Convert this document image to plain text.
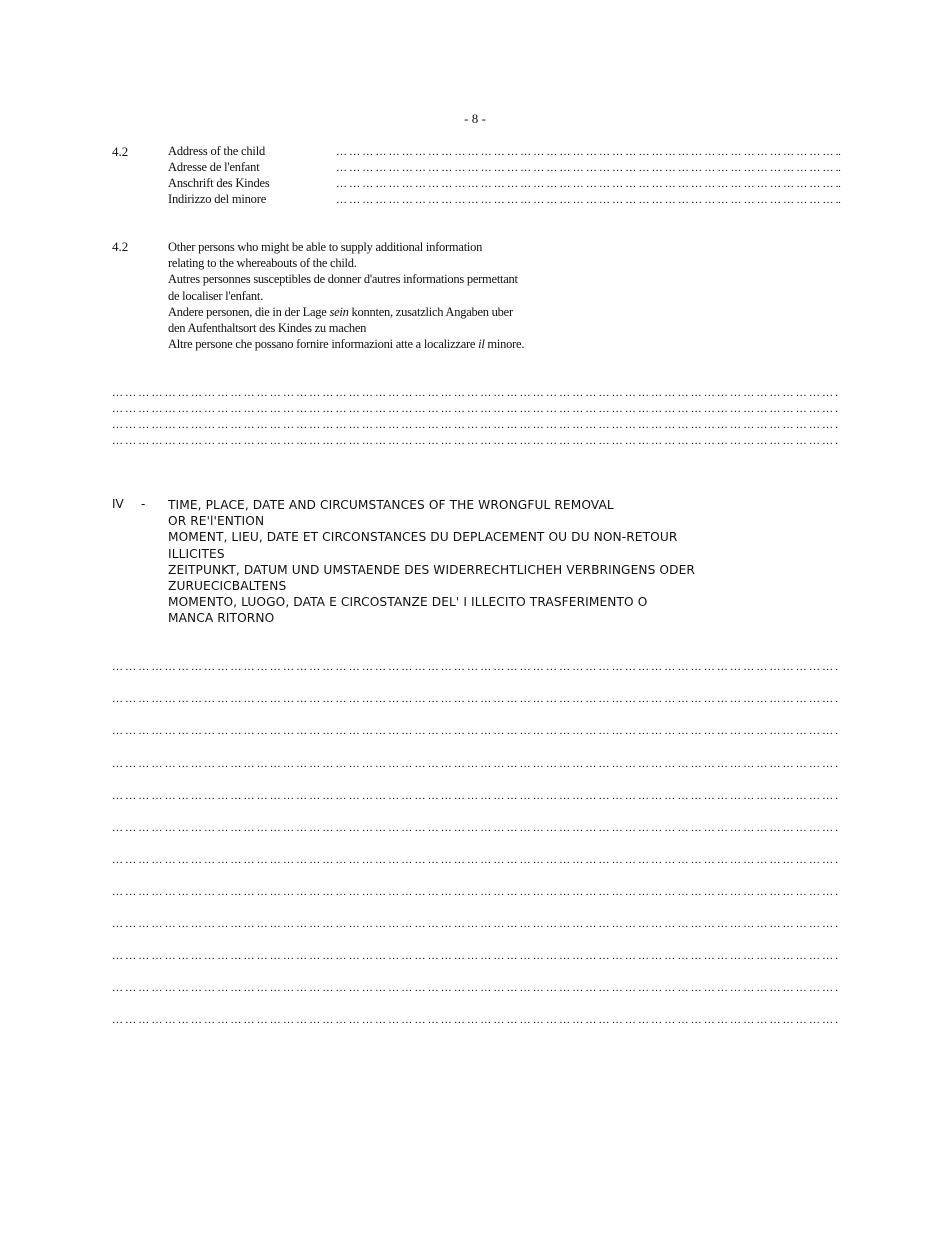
- 8 -
4.2	Address of the child	… … … … … … … … … … … … … … … … … … … … … … … … … … … … … … … … … … … … … … ..
Adresse de l'enfant	… … … … … … … … … … … … … … … … … … … … … … … … … … … … … … … … … … … … … … ..
Anschrift des Kindes	… … … … … … … … … … … … … … … … … … … … … … … … … … … … … … … … … … … … … … ..
Indirizzo del minore	… … … … … … … … … … … … … … … … … … … … … … … … … … … … … … … … … … … … … … ..
4.2	Other persons who might be able to supply additional information
relating to the whereabouts of the child.
Autres personnes susceptibles de donner d'autres informations permettant
de localiser l'enfant.
Andere personen, die in der Lage sein konnten, zusatzlich Angaben uber
den Aufenthaltsort des Kindes zu machen
Altre persone che possano fornire informazioni atte a localizzare il minore.
… … … … … … … … … … … … … … … … … … … … … … … … … … … … … … … … … … … … … … … … … … … … … … … … … … … … … … … .
… … … … … … … … … … … … … … … … … … … … … … … … … … … … … … … … … … … … … … … … … … … … … … … … … … … … … … … .
… … … … … … … … … … … … … … … … … … … … … … … … … … … … … … … … … … … … … … … … … … … … … … … … … … … … … … … .
… … … … … … … … … … … … … … … … … … … … … … … … … … … … … … … … … … … … … … … … … … … … … … … … … … … … … … … .
IV - TIME, PLACE, DATE AND CIRCUMSTANCES OF THE WRONGFUL REMOVAL
OR RE'l'ENTION
MOMENT, LIEU, DATE ET CIRCONSTANCES DU DEPLACEMENT OU DU NON-RETOUR
ILLICITES
ZEITPUNKT, DATUM UND UMSTAENDE DES WIDERRECHTLICHEH VERBRINGENS ODER
ZURUECICBALTENS
MOMENTO, LUOGO, DATA E CIRCOSTANZE DEL' I ILLECITO TRASFERIMENTO O
MANCA RITORNO
… … … … … … … … … … … … … … … … … … … … … … … … … … … … … … … … … … … … … … … … … … … … … … … … … … … … … … … .
… … … … … … … … … … … … … … … … … … … … … … … … … … … … … … … … … … … … … … … … … … … … … … … … … … … … … … … .
… … … … … … … … … … … … … … … … … … … … … … … … … … … … … … … … … … … … … … … … … … … … … … … … … … … … … … … .
… … … … … … … … … … … … … … … … … … … … … … … … … … … … … … … … … … … … … … … … … … … … … … … … … … … … … … … .
… … … … … … … … … … … … … … … … … … … … … … … … … … … … … … … … … … … … … … … … … … … … … … … … … … … … … … … .
… … … … … … … … … … … … … … … … … … … … … … … … … … … … … … … … … … … … … … … … … … … … … … … … … … … … … … … .
… … … … … … … … … … … … … … … … … … … … … … … … … … … … … … … … … … … … … … … … … … … … … … … … … … … … … … … .
… … … … … … … … … … … … … … … … … … … … … … … … … … … … … … … … … … … … … … … … … … … … … … … … … … … … … … … .
… … … … … … … … … … … … … … … … … … … … … … … … … … … … … … … … … … … … … … … … … … … … … … … … … … … … … … … .
… … … … … … … … … … … … … … … … … … … … … … … … … … … … … … … … … … … … … … … … … … … … … … … … … … … … … … … .
… … … … … … … … … … … … … … … … … … … … … … … … … … … … … … … … … … … … … … … … … … … … … … … … … … … … … … … .
… … … … … … … … … … … … … … … … … … … … … … … … … … … … … … … … … … … … … … … … … … … … … … … … … … … … … … … .
